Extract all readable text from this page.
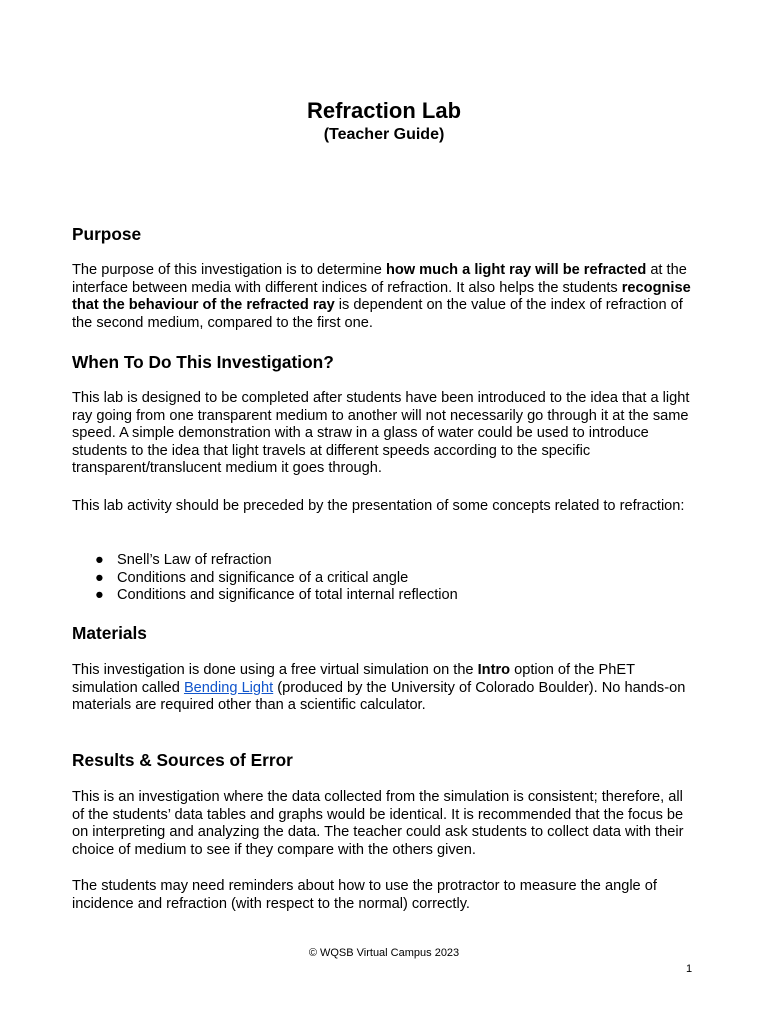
Refraction Lab

(Teacher Guide)

Purpose

The purpose of this investigation is to determine how much a light ray will be refracted at the interface between media with different indices of refraction. It also helps the students recognise that the behaviour of the refracted ray is dependent on the value of the index of refraction of the second medium, compared to the first one.

When To Do This Investigation?

This lab is designed to be completed after students have been introduced to the idea that a light ray going from one transparent medium to another will not necessarily go through it at the same speed. A simple demonstration with a straw in a glass of water could be used to introduce students to the idea that light travels at different speeds according to the specific transparent/translucent medium it goes through.

This lab activity should be preceded by the presentation of some concepts related to refraction:

● Snell’s Law of refraction
● Conditions and significance of a critical angle
● Conditions and significance of total internal reflection
Materials

This investigation is done using a free virtual simulation on the Intro option of the PhET simulation called Bending Light (produced by the University of Colorado Boulder). No hands-on materials are required other than a scientific calculator.

Results & Sources of Error

This is an investigation where the data collected from the simulation is consistent; therefore, all of the students’ data tables and graphs would be identical. It is recommended that the focus be on interpreting and analyzing the data. The teacher could ask students to collect data with their choice of medium to see if they compare with the others given.

The students may need reminders about how to use the protractor to measure the angle of incidence and refraction (with respect to the normal) correctly.

© WQSB Virtual Campus 2023
1
